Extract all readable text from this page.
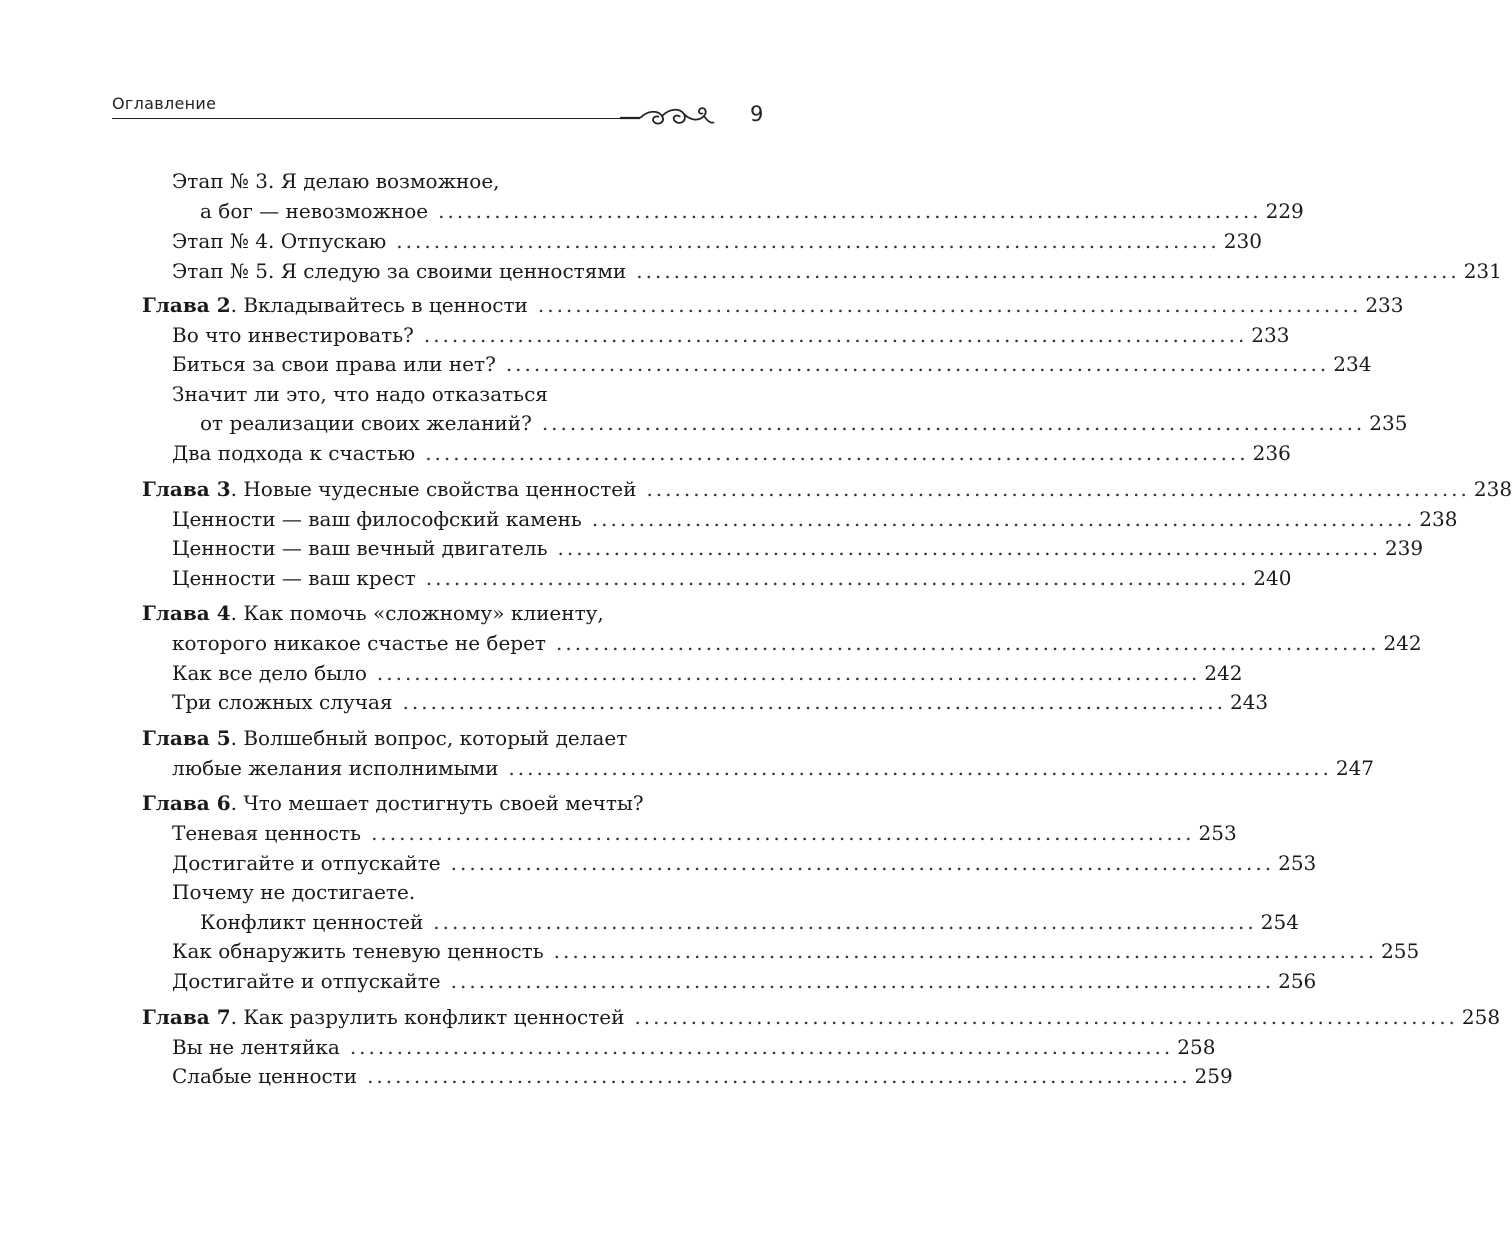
Оглавление	9
Этап № 3. Я делаю возможное,
а бог — невозможное ........................................................................................ 229
Этап № 4. Отпускаю ........................................................................................ 230
Этап № 5. Я следую за своими ценностями ........................................................................................ 231
Глава 2. Вкладывайтесь в ценности ........................................................................................ 233
Во что инвестировать? ........................................................................................ 233
Биться за свои права или нет? ........................................................................................ 234
Значит ли это, что надо отказаться
от реализации своих желаний? ........................................................................................ 235
Два подхода к счастью ........................................................................................ 236
Глава 3. Новые чудесные свойства ценностей ........................................................................................ 238
Ценности — ваш философский камень ........................................................................................ 238
Ценности — ваш вечный двигатель ........................................................................................ 239
Ценности — ваш крест ........................................................................................ 240
Глава 4. Как помочь «сложному» клиенту,
которого никакое счастье не берет ........................................................................................ 242
Как все дело было ........................................................................................ 242
Три сложных случая ........................................................................................ 243
Глава 5. Волшебный вопрос, который делает
любые желания исполнимыми ........................................................................................ 247
Глава 6. Что мешает достигнуть своей мечты?
Теневая ценность ........................................................................................ 253
Достигайте и отпускайте ........................................................................................ 253
Почему не достигаете.
Конфликт ценностей ........................................................................................ 254
Как обнаружить теневую ценность ........................................................................................ 255
Достигайте и отпускайте ........................................................................................ 256
Глава 7. Как разрулить конфликт ценностей ........................................................................................ 258
Вы не лентяйка ........................................................................................ 258
Слабые ценности ........................................................................................ 259
